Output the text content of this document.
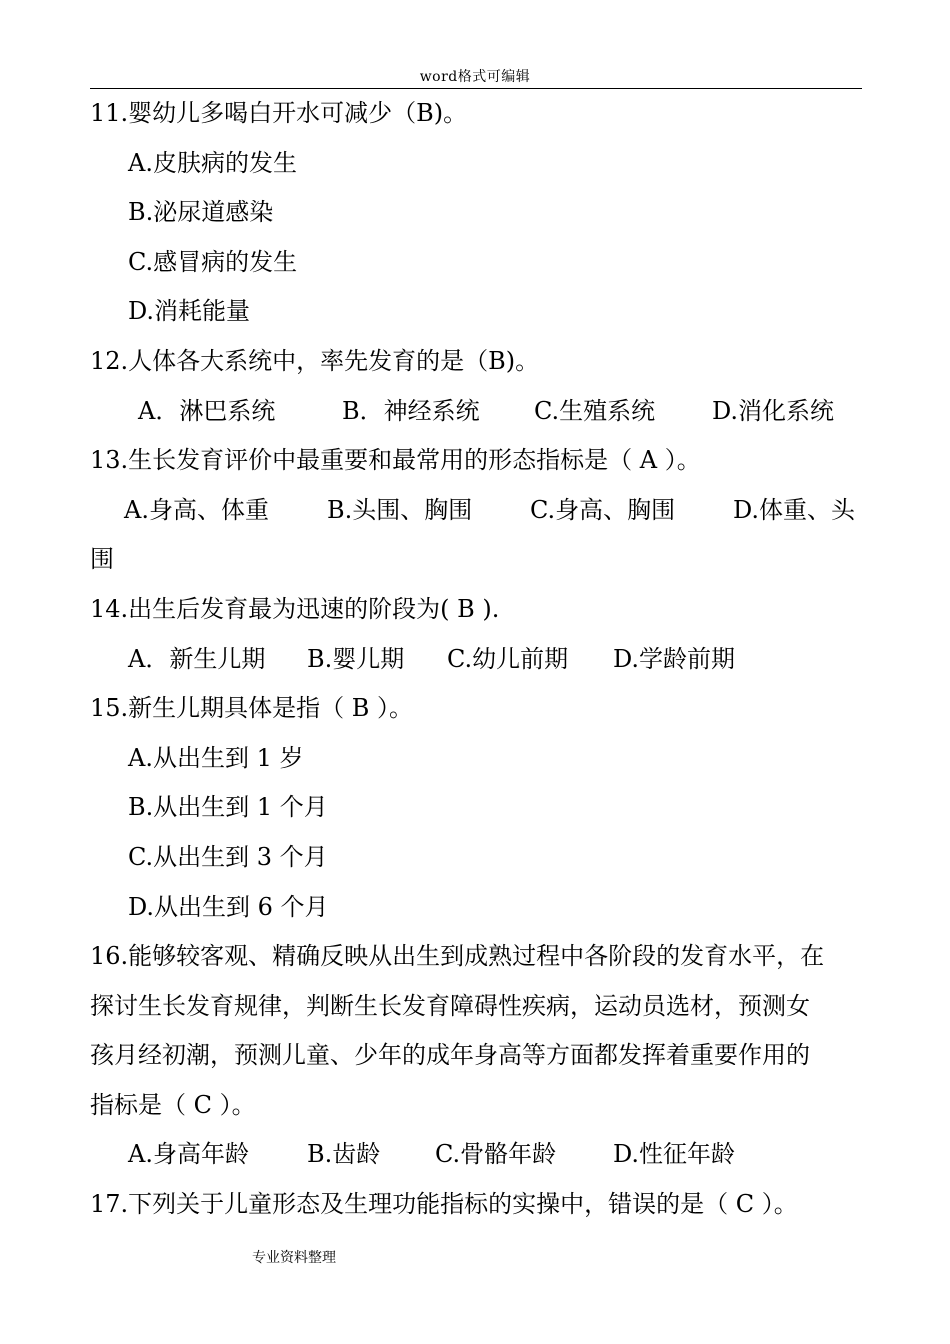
word格式可编辑
11.婴幼儿多喝白开水可减少（B)。
A.皮肤病的发生
B.泌尿道感染
C.感冒病的发生
D.消耗能量
12.人体各大系统中，率先发育的是（B)。
A．淋巴系统	B．神经系统	C.生殖系统	D.消化系统
13.生长发育评价中最重要和最常用的形态指标是（ A ）。
A.身高、体重	B.头围、胸围	C.身高、胸围	D.体重、头
围
14.出生后发育最为迅速的阶段为( B ).
A．新生儿期	B.婴儿期	C.幼儿前期	D.学龄前期
15.新生儿期具体是指（ B ）。
A.从出生到 1 岁
B.从出生到 1 个月
C.从出生到 3 个月
D.从出生到 6 个月
16.能够较客观、精确反映从出生到成熟过程中各阶段的发育水平，在
探讨生长发育规律，判断生长发育障碍性疾病，运动员选材，预测女
孩月经初潮，预测儿童、少年的成年身高等方面都发挥着重要作用的
指标是（ C ）。
A.身高年龄	B.齿龄	C.骨骼年龄	D.性征年龄
17.下列关于儿童形态及生理功能指标的实操中，错误的是（ C ）。
专业资料整理
